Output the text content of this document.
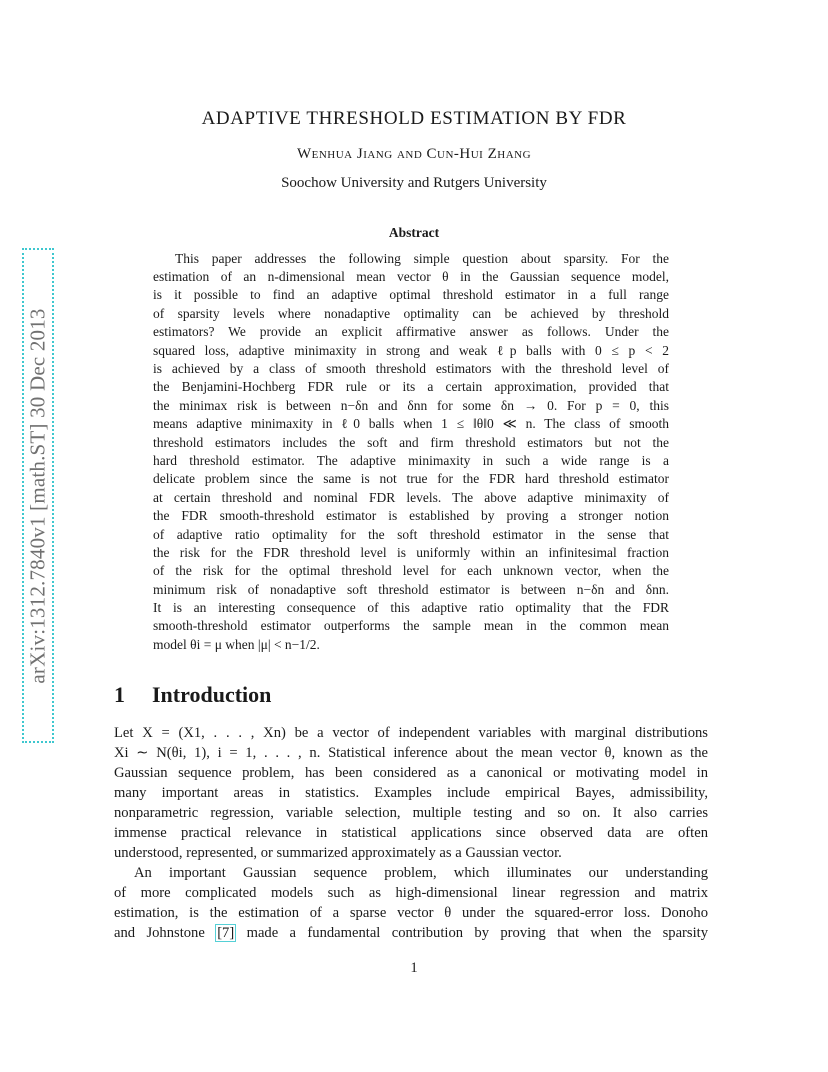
arXiv:1312.7840v1 [math.ST] 30 Dec 2013
ADAPTIVE THRESHOLD ESTIMATION BY FDR
Wenhua Jiang and Cun-Hui Zhang
Soochow University and Rutgers University
Abstract
This paper addresses the following simple question about sparsity. For the
estimation of an n-dimensional mean vector θ in the Gaussian sequence model,
is it possible to find an adaptive optimal threshold estimator in a full range
of sparsity levels where nonadaptive optimality can be achieved by threshold
estimators? We provide an explicit affirmative answer as follows. Under the
squared loss, adaptive minimaxity in strong and weak ℓp balls with 0 ≤ p < 2
is achieved by a class of smooth threshold estimators with the threshold level of
the Benjamini-Hochberg FDR rule or its a certain approximation, provided that
the minimax risk is between n−δn and δnn for some δn → 0. For p = 0, this
means adaptive minimaxity in ℓ0 balls when 1 ≤ ‖θ‖0 ≪ n. The class of smooth
threshold estimators includes the soft and firm threshold estimators but not the
hard threshold estimator. The adaptive minimaxity in such a wide range is a
delicate problem since the same is not true for the FDR hard threshold estimator
at certain threshold and nominal FDR levels. The above adaptive minimaxity of
the FDR smooth-threshold estimator is established by proving a stronger notion
of adaptive ratio optimality for the soft threshold estimator in the sense that
the risk for the FDR threshold level is uniformly within an infinitesimal fraction
of the risk for the optimal threshold level for each unknown vector, when the
minimum risk of nonadaptive soft threshold estimator is between n−δn and δnn.
It is an interesting consequence of this adaptive ratio optimality that the FDR
smooth-threshold estimator outperforms the sample mean in the common mean
model θi = μ when |μ| < n−1/2.
1 Introduction
Let X = (X1, . . . , Xn) be a vector of independent variables with marginal distributions
Xi ∼ N(θi, 1), i = 1, . . . , n. Statistical inference about the mean vector θ, known as the
Gaussian sequence problem, has been considered as a canonical or motivating model in
many important areas in statistics. Examples include empirical Bayes, admissibility,
nonparametric regression, variable selection, multiple testing and so on. It also carries
immense practical relevance in statistical applications since observed data are often
understood, represented, or summarized approximately as a Gaussian vector.
An important Gaussian sequence problem, which illuminates our understanding
of more complicated models such as high-dimensional linear regression and matrix
estimation, is the estimation of a sparse vector θ under the squared-error loss. Donoho
and Johnstone [7] made a fundamental contribution by proving that when the sparsity
1
